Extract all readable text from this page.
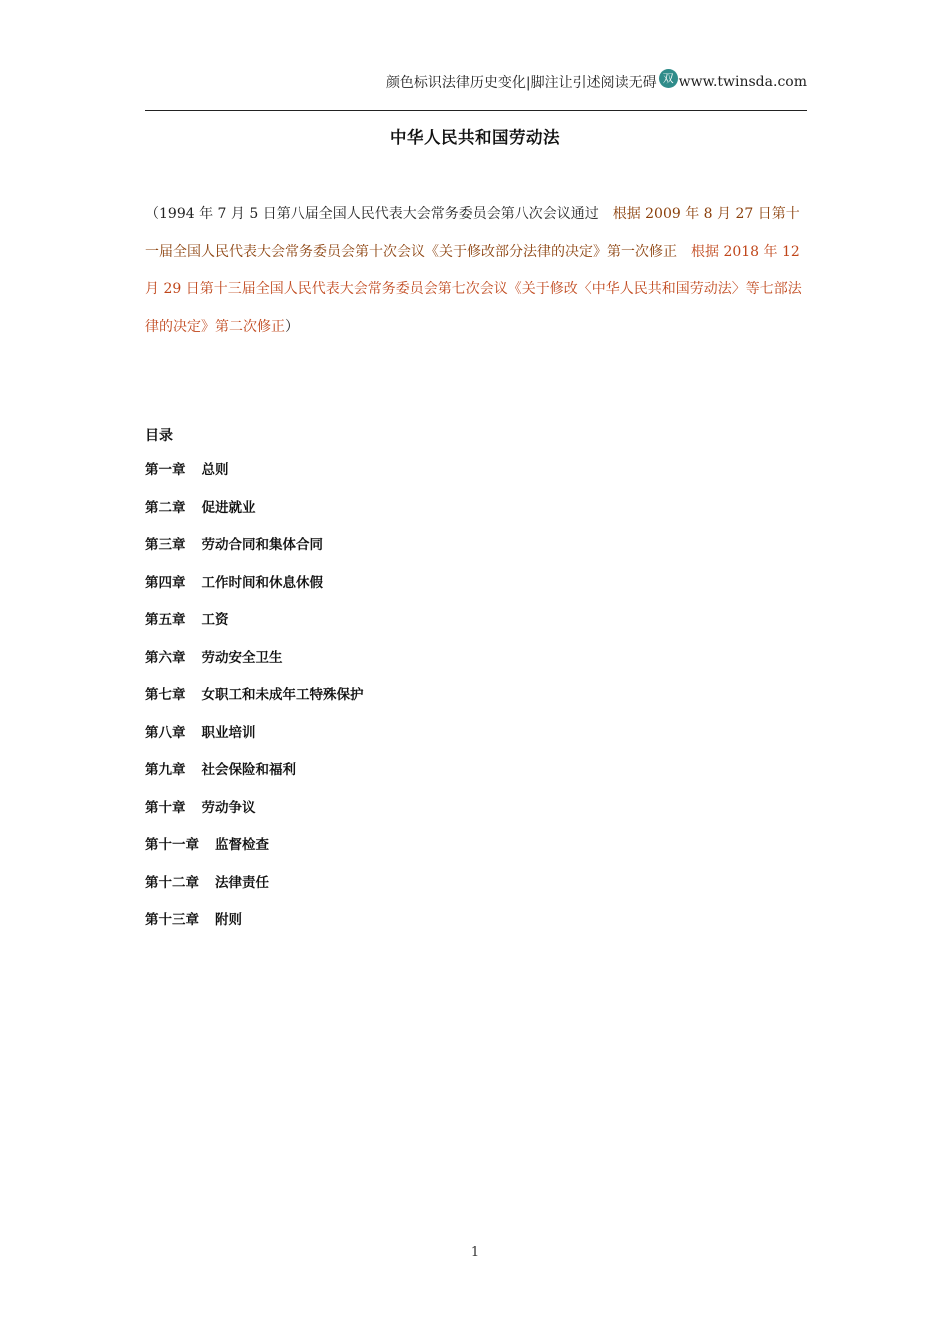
颜色标识法律历史变化|脚注让引述阅读无碍 双 www.twinsda.com
中华人民共和国劳动法

（1994 年 7 月 5 日第八届全国人民代表大会常务委员会第八次会议通过　根据 2009 年 8 月 27 日第十一届全国人民代表大会常务委员会第十次会议《关于修改部分法律的决定》第一次修正　根据 2018 年 12 月 29 日第十三届全国人民代表大会常务委员会第七次会议《关于修改〈中华人民共和国劳动法〉等七部法律的决定》第二次修正）

目录
第一章 总则
第二章 促进就业
第三章 劳动合同和集体合同
第四章 工作时间和休息休假
第五章 工资
第六章 劳动安全卫生
第七章 女职工和未成年工特殊保护
第八章 职业培训
第九章 社会保险和福利
第十章 劳动争议
第十一章 监督检查
第十二章 法律责任
第十三章 附则
1
